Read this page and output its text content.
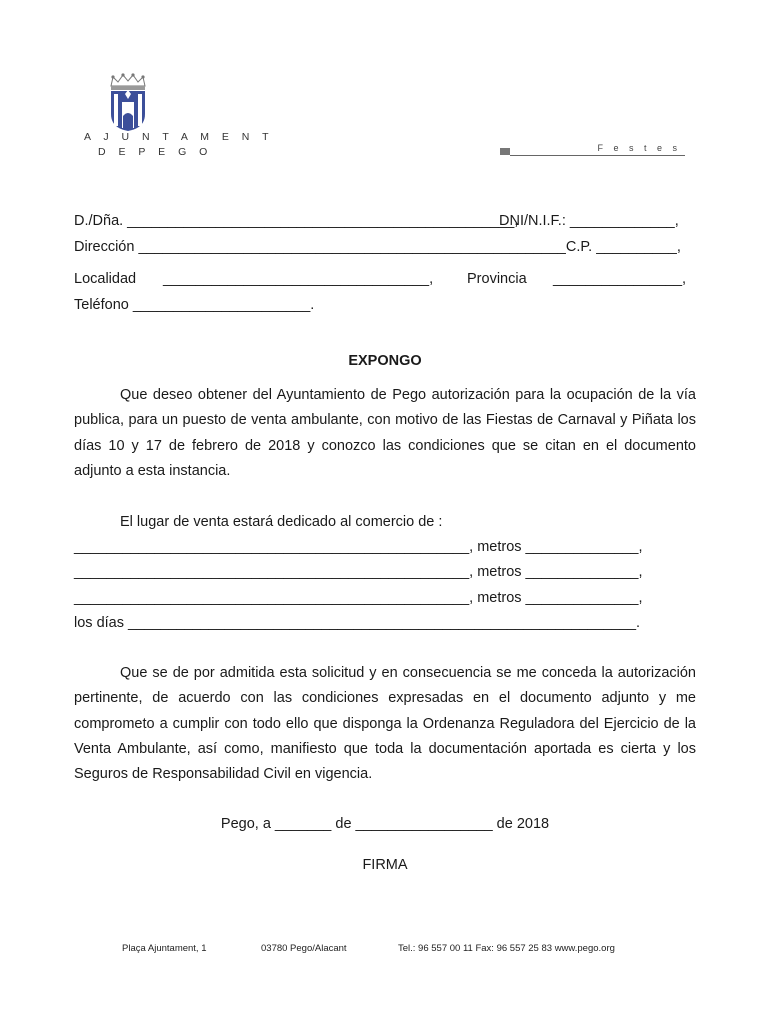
A J U N T A M E N T
D E P E G O	F e s t e s
D./Dña. ________________________________________________,
DNI/N.I.F.: _____________,
Dirección _____________________________________________________C.P. __________,
Localidad _________________________________, Provincia ________________,
Teléfono ______________________.
EXPONGO

Que deseo obtener del Ayuntamiento de Pego autorización para la ocupación de la vía publica, para un puesto de venta ambulante, con motivo de las Fiestas de Carnaval y Piñata los días 10 y 17 de febrero de 2018 y conozco las condiciones que se citan en el documento adjunto a esta instancia.

El lugar de venta estará dedicado al comercio de :
_________________________________________________, metros ______________,
_________________________________________________, metros ______________,
_________________________________________________, metros ______________,
los días _______________________________________________________________.

Que se de por admitida esta solicitud y en consecuencia se me conceda la autorización pertinente, de acuerdo con las condiciones expresadas en el documento adjunto y me comprometo a cumplir con todo ello que disponga la Ordenanza Reguladora del Ejercicio de la Venta Ambulante, así como, manifiesto que toda la documentación aportada es cierta y los Seguros de Responsabilidad Civil en vigencia.

Pego, a _______ de _________________ de 2018
FIRMA
Plaça Ajuntament, 1	03780 Pego/Alacant	Tel.: 96 557 00 11 Fax: 96 557 25 83 www.pego.org
